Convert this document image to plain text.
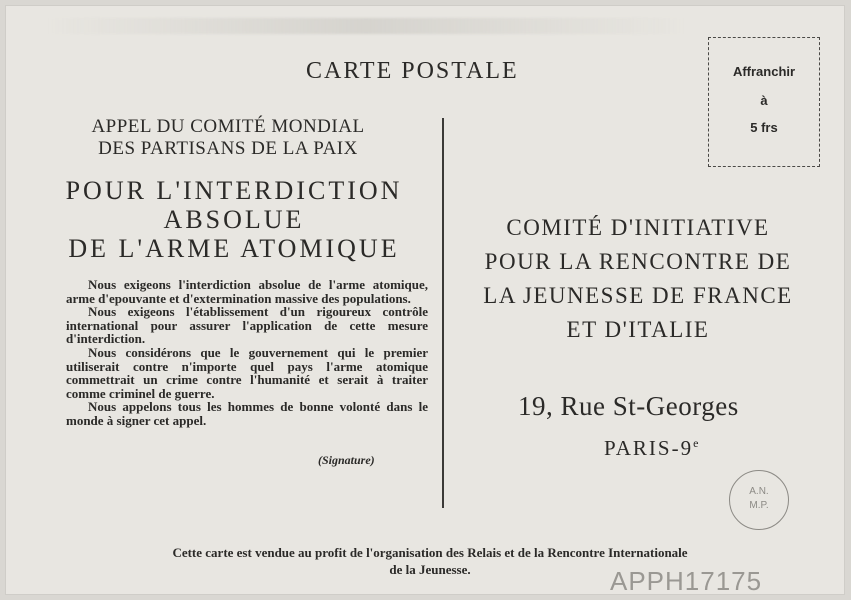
CARTE POSTALE	Affranchir
à
5 frs
APPEL DU COMITÉ MONDIAL
DES PARTISANS DE LA PAIX
POUR L'INTERDICTION
ABSOLUE
DE L'ARME ATOMIQUE

Nous exigeons l'interdiction absolue de l'arme atomique, arme d'epouvante et d'extermination massive des populations.

Nous exigeons l'établissement d'un rigoureux contrôle international pour assurer l'application de cette mesure d'interdiction.

Nous considérons que le gouvernement qui le premier utiliserait contre n'importe quel pays l'arme atomique commettrait un crime contre l'humanité et serait à traiter comme criminel de guerre.

Nous appelons tous les hommes de bonne volonté dans le monde à signer cet appel.

(Signature)
COMITÉ D'INITIATIVE
POUR LA RENCONTRE DE
LA JEUNESSE DE FRANCE
ET D'ITALIE
19, Rue St-Georges
PARIS-9e
A.N.
M.P.
Cette carte est vendue au profit de l'organisation des Relais et de la Rencontre Internationale
de la Jeunesse.	APPH17175
